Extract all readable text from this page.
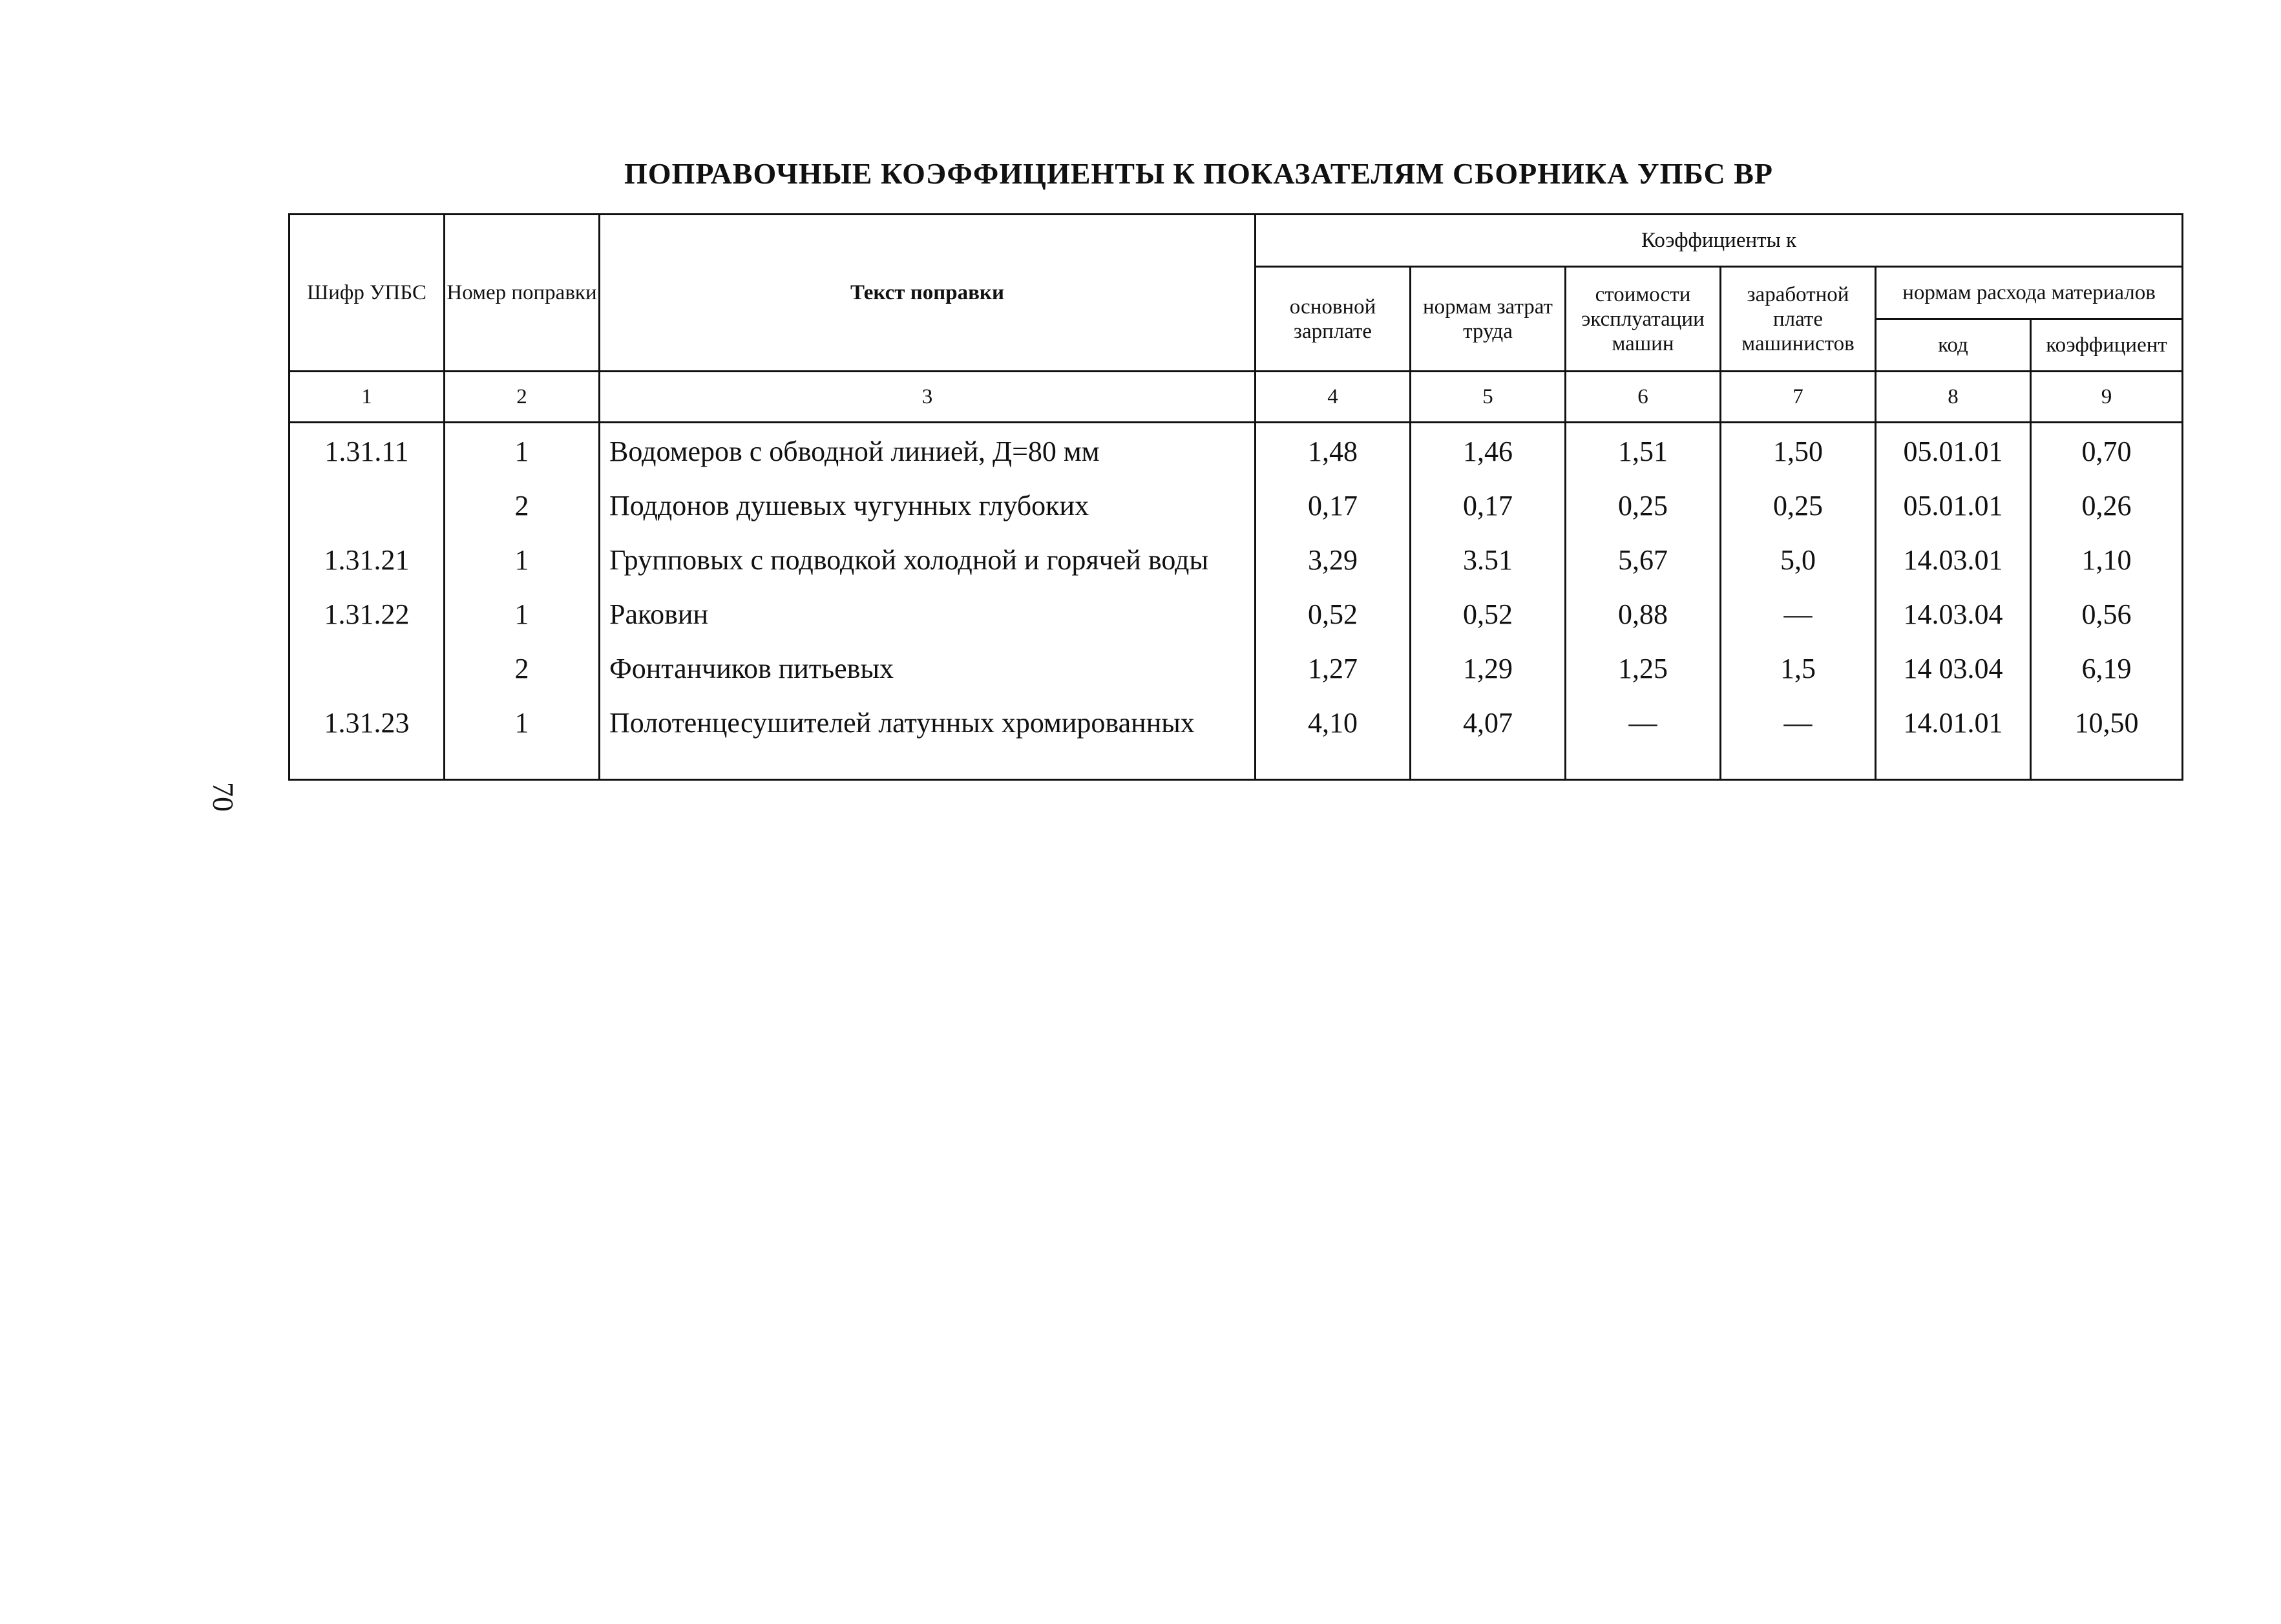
ПОПРАВОЧНЫЕ КОЭФФИЦИЕНТЫ К ПОКАЗАТЕЛЯМ СБОРНИКА УПБС ВР
Шифр УПБС	Номер поправки	Текст поправки	Коэффициенты к					
			основной зарплате	нормам затрат труда	стоимости эксплуатации машин	заработной плате машинистов	нормам расхода материалов	
							код	коэффициент
1	2	3	4	5	6	7	8	9
1.31.11	1	Водомеров с обводной линией, Д=80 мм	1,48	1,46	1,51	1,50	05.01.01	0,70
	2	Поддонов душевых чугунных глубоких	0,17	0,17	0,25	0,25	05.01.01	0,26
1.31.21	1	Групповых с подводкой холодной и горячей воды	3,29	3.51	5,67	5,0	14.03.01	1,10
1.31.22	1	Раковин	0,52	0,52	0,88	—	14.03.04	0,56
	2	Фонтанчиков питьевых	1,27	1,29	1,25	1,5	14 03.04	6,19
1.31.23	1	Полотенцесушителей латунных хромированных	4,10	4,07	—	—	14.01.01	10,50
70
